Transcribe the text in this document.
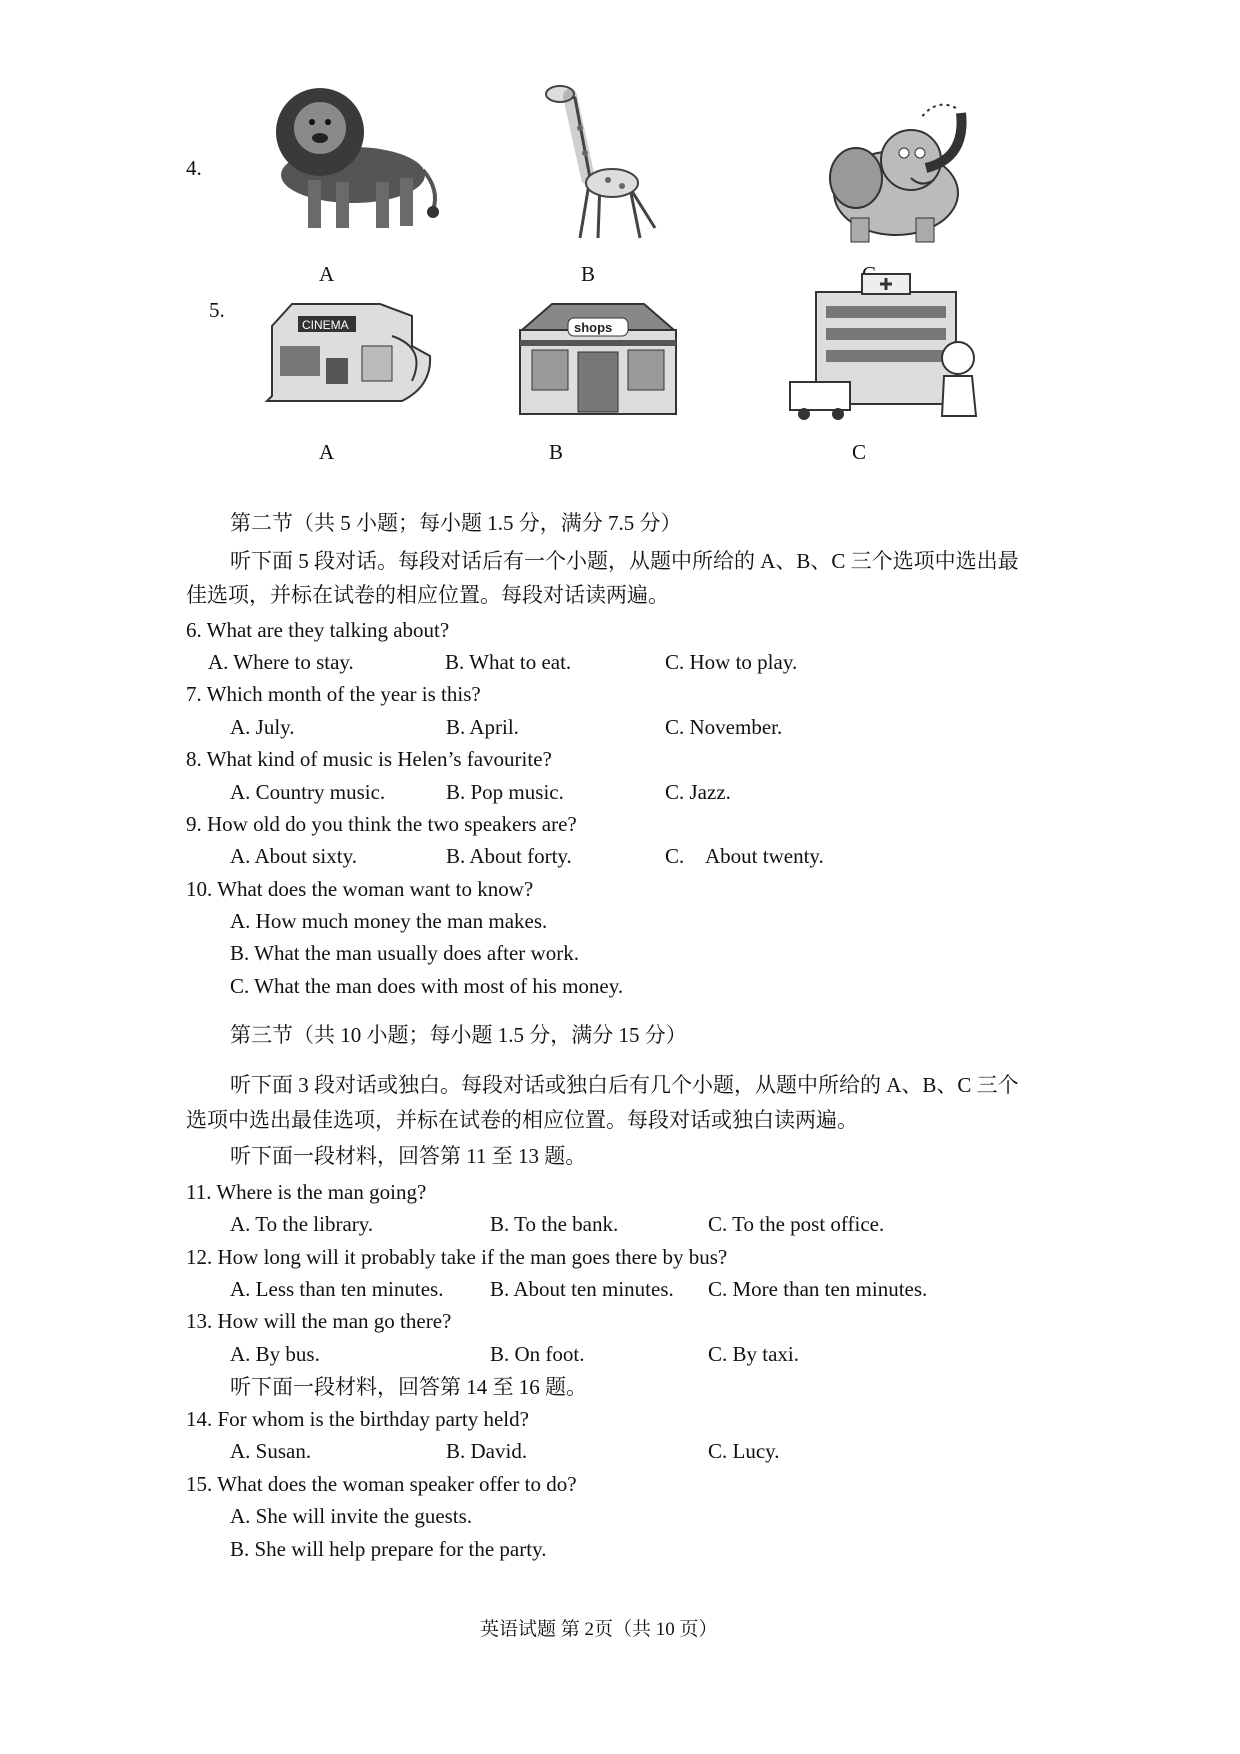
4.
A	B
5.
CINEMA	shops
A	B	C
第二节（共 5 小题；每小题 1.5 分，满分 7.5 分）
听下面 5 段对话。每段对话后有一个小题，从题中所给的 A、B、C 三个选项中选出最
佳选项，并标在试卷的相应位置。每段对话读两遍。
6. What are they talking about?
A. Where to stay.	B. What to eat.	C. How to play.
7. Which month of the year is this?
A. July.	B. April.	C. November.
8. What kind of music is Helen’s favourite?
A. Country music.	B. Pop music.	C. Jazz.
9. How old do you think the two speakers are?
A. About sixty.	B. About forty.	C. About twenty.
10. What does the woman want to know?
A. How much money the man makes.
B. What the man usually does after work.
C. What the man does with most of his money.
第三节（共 10 小题；每小题 1.5 分，满分 15 分）
听下面 3 段对话或独白。每段对话或独白后有几个小题，从题中所给的 A、B、C 三个
选项中选出最佳选项，并标在试卷的相应位置。每段对话或独白读两遍。
听下面一段材料，回答第 11 至 13 题。
11. Where is the man going?
A. To the library.	B. To the bank.	C. To the post office.
12. How long will it probably take if the man goes there by bus?
A. Less than ten minutes. B. About ten minutes. C. More than ten minutes.
13. How will the man go there?
A. By bus.	B. On foot.	C. By taxi.
听下面一段材料，回答第 14 至 16 题。
14. For whom is the birthday party held?
A. Susan.	B. David.	C. Lucy.
15. What does the woman speaker offer to do?
A. She will invite the guests.
B. She will help prepare for the party.
英语试题 第 2页（共 10 页）
